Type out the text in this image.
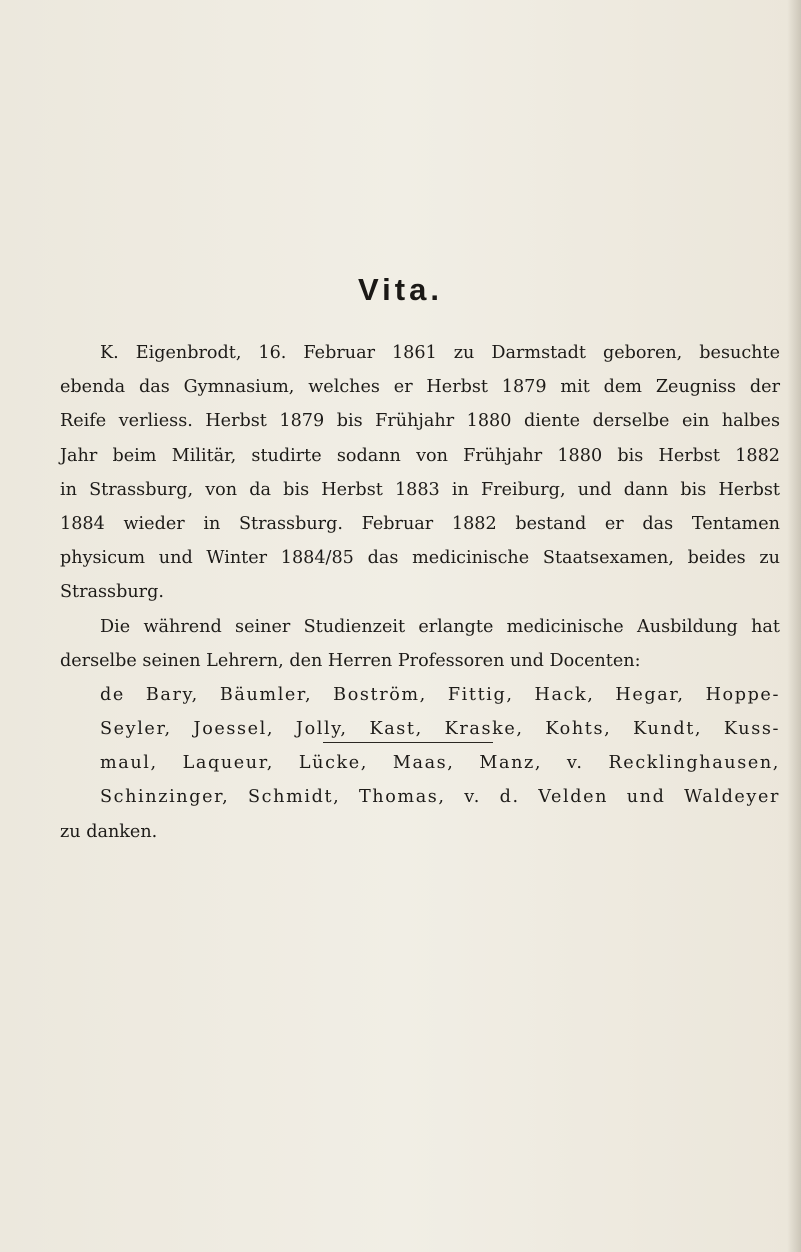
Vita.
K. Eigenbrodt, 16. Februar 1861 zu Darmstadt geboren, besuchte
ebenda das Gymnasium, welches er Herbst 1879 mit dem Zeugniss der
Reife verliess. Herbst 1879 bis Frühjahr 1880 diente derselbe ein halbes
Jahr beim Militär, studirte sodann von Frühjahr 1880 bis Herbst 1882
in Strassburg, von da bis Herbst 1883 in Freiburg, und dann bis Herbst
1884 wieder in Strassburg. Februar 1882 bestand er das Tentamen
physicum und Winter 1884/85 das medicinische Staatsexamen, beides zu
Strassburg.
Die während seiner Studienzeit erlangte medicinische Ausbildung hat
derselbe seinen Lehrern, den Herren Professoren und Docenten:
de Bary, Bäumler, Boström, Fittig, Hack, Hegar, Hoppe-
Seyler, Joessel, Jolly, Kast, Kraske, Kohts, Kundt, Kuss-
maul, Laqueur, Lücke, Maas, Manz, v. Recklinghausen,
Schinzinger, Schmidt, Thomas, v. d. Velden und Waldeyer
zu danken.
